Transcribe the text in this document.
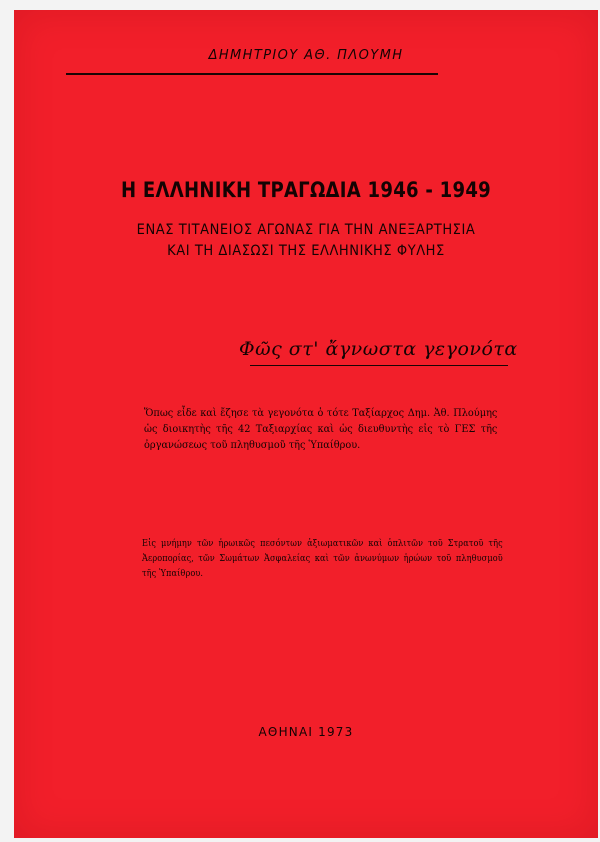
ΔΗΜΗΤΡΙΟΥ ΑΘ. ΠΛΟΥΜΗ
Η ΕΛΛΗΝΙΚΗ ΤΡΑΓΩΔΙΑ 1946 - 1949
ΕΝΑΣ ΤΙΤΑΝΕΙΟΣ ΑΓΩΝΑΣ ΓΙΑ ΤΗΝ ΑΝΕΞΑΡΤΗΣΙΑ
ΚΑΙ ΤΗ ΔΙΑΣΩΣΙ ΤΗΣ ΕΛΛΗΝΙΚΗΣ ΦΥΛΗΣ
Φῶς στ' ἄγνωστα γεγονότα
Ὅπως εἶδε καὶ ἔζησε τὰ γεγονότα ὁ τότε Ταξίαρχος Δημ. Ἀθ. Πλούμης ὡς διοικητὴς τῆς 42 Ταξιαρχίας καὶ ὡς διευθυντὴς εἰς τὸ ΓΕΣ τῆς ὀργανώσεως τοῦ πληθυσμοῦ τῆς Ὑπαίθρου.
Εἰς μνήμην τῶν ἡρωικῶς πεσόντων ἀξιωματικῶν καὶ ὁπλιτῶν τοῦ Στρατοῦ τῆς Ἀεροπορίας, τῶν Σωμάτων Ἀσφαλείας καὶ τῶν ἀνωνύμων ἡρώων τοῦ πληθυσμοῦ τῆς Ὑπαίθρου.
ΑΘΗΝΑΙ 1973
